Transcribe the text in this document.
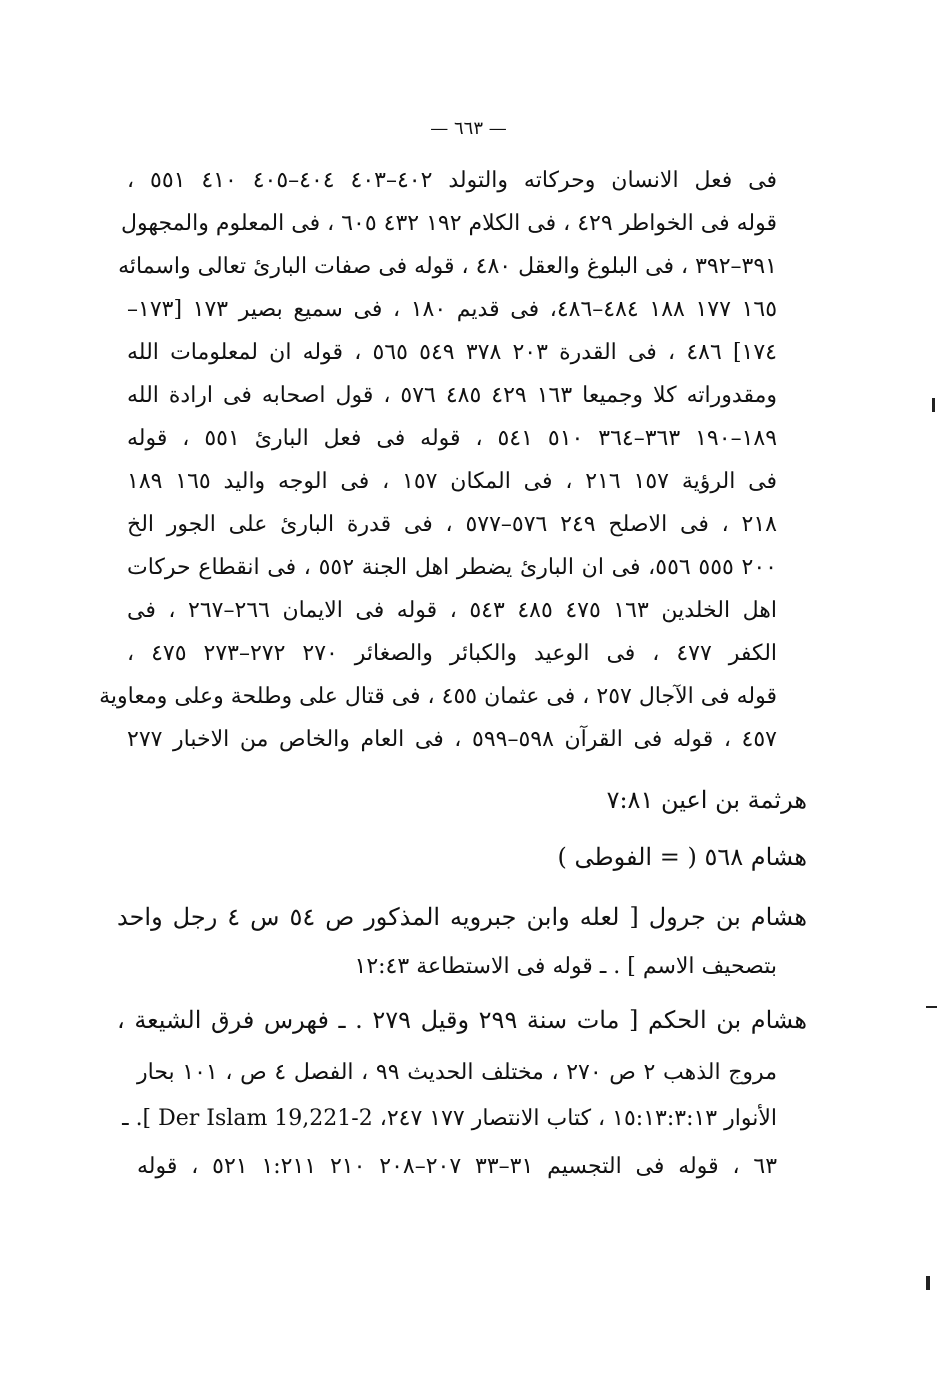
— ٦٦٣ —
فى فعل الانسان وحركاته والتولد ٤٠٢–٤٠٣ ٤٠٤–٤٠٥ ٤١٠ ٥٥١ ،
قوله فى الخواطر ٤٢٩ ، فى الكلام ١٩٢ ٤٣٢ ٦٠٥ ، فى المعلوم والمجهول
٣٩١–٣٩٢ ، فى البلوغ والعقل ٤٨٠ ، قوله فى صفات البارئ تعالى واسمائه
١٦٥ ١٧٧ ١٨٨ ٤٨٤–٤٨٦، فى قديم ١٨٠ ، فى سميع بصير ١٧٣ [١٧٣–
١٧٤] ٤٨٦ ، فى القدرة ٢٠٣ ٣٧٨ ٥٤٩ ٥٦٥ ، قوله ان لمعلومات الله
ومقدوراته كلا وجميعا ١٦٣ ٤٢٩ ٤٨٥ ٥٧٦ ، قول اصحابه فى ارادة الله
١٨٩–١٩٠ ٣٦٣–٣٦٤ ٥١٠ ٥٤١ ، قوله فى فعل البارئ ٥٥١ ، قوله
فى الرؤية ١٥٧ ٢١٦ ، فى المكان ١٥٧ ، فى الوجه واليد ١٦٥ ١٨٩
٢١٨ ، فى الاصلح ٢٤٩ ٥٧٦–٥٧٧ ، فى قدرة البارئ على الجور الخ
٢٠٠ ٥٥٥ ٥٥٦، فى ان البارئ يضطر اهل الجنة ٥٥٢ ، فى انقطاع حركات
اهل الخلدين ١٦٣ ٤٧٥ ٤٨٥ ٥٤٣ ، قوله فى الايمان ٢٦٦–٢٦٧ ، فى
الكفر ٤٧٧ ، فى الوعيد والكبائر والصغائر ٢٧٠ ٢٧٢–٢٧٣ ٤٧٥ ،
قوله فى الآجال ٢٥٧ ، فى عثمان ٤٥٥ ، فى قتال على وطلحة وعلى ومعاوية
٤٥٧ ، قوله فى القرآن ٥٩٨–٥٩٩ ، فى العام والخاص من الاخبار ٢٧٧
هرثمة بن اعين ٧:٨١
هشام ٥٦٨ ( = الفوطى )
هشام بن جرول [ لعله وابن جبرويه المذكور ص ٥٤ س ٤ رجل واحد
بتصحيف الاسم ] . ـ قوله فى الاستطاعة ١٢:٤٣
هشام بن الحكم [ مات سنة ٢٩٩ وقيل ٢٧٩ . ـ فهرس فرق الشيعة ،
مروج الذهب ٢ ص ٢٧٠ ، مختلف الحديث ٩٩ ، الفصل ٤ ص ، ١٠١ بحار
الأنوار ١٥:١٣:٣:١٣ ، كتاب الانتصار ١٧٧ ٢٤٧، Der Islam 19,221-2 ]. ـ
٦٣ ، قوله فى التجسيم ٣١–٣٣ ٢٠٧–٢٠٨ ٢١٠ ١:٢١١ ٥٢١ ، قوله
